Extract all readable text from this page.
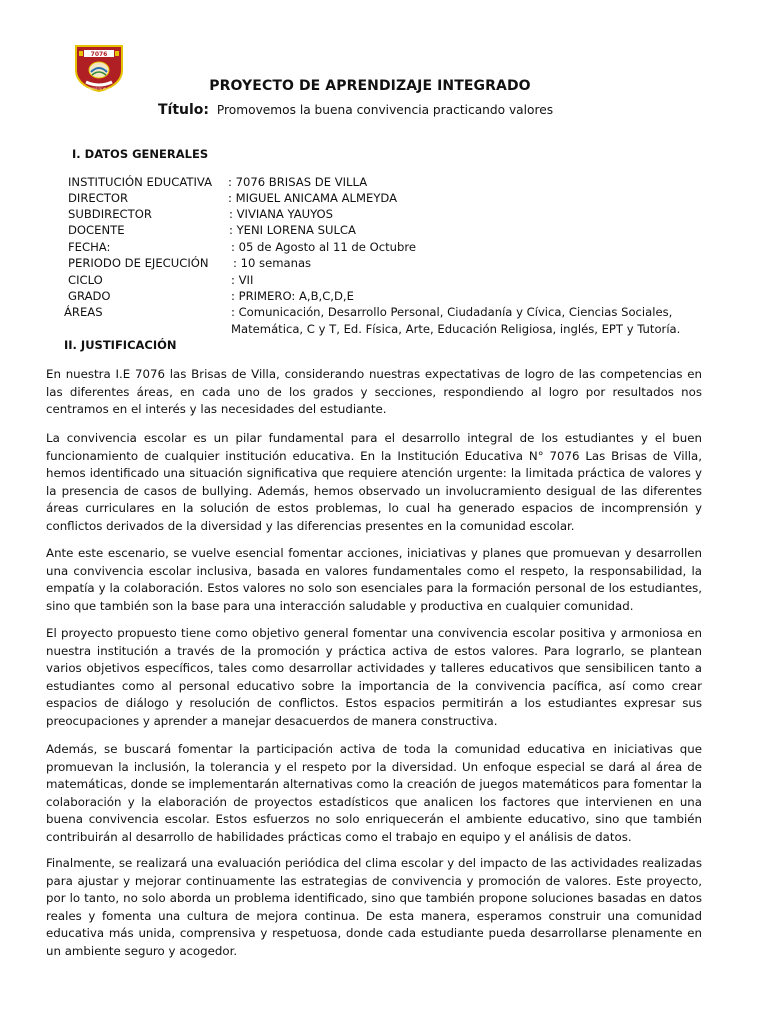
7076
BRISAS DE VILLA	PROYECTO DE APRENDIZAJE INTEGRADO
Título: Promovemos la buena convivencia practicando valores
I. DATOS GENERALES
INSTITUCIÓN EDUCATIVA : 7076 BRISAS DE VILLA
DIRECTOR	: MIGUEL ANICAMA ALMEYDA
SUBDIRECTOR	: VIVIANA YAUYOS
DOCENTE	: YENI LORENA SULCA
FECHA:	: 05 de Agosto al 11 de Octubre
PERIODO DE EJECUCIÓN : 10 semanas
CICLO	: VII
GRADO	: PRIMERO: A,B,C,D,E
ÁREAS	: Comunicación, Desarrollo Personal, Ciudadanía y Cívica, Ciencias Sociales,
Matemática, C y T, Ed. Física, Arte, Educación Religiosa, inglés, EPT y Tutoría.
II. JUSTIFICACIÓN

En nuestra I.E 7076 las Brisas de Villa, considerando nuestras expectativas de logro de las competencias en las diferentes áreas, en cada uno de los grados y secciones, respondiendo al logro por resultados nos centramos en el interés y las necesidades del estudiante.

La convivencia escolar es un pilar fundamental para el desarrollo integral de los estudiantes y el buen funcionamiento de cualquier institución educativa. En la Institución Educativa N° 7076 Las Brisas de Villa, hemos identificado una situación significativa que requiere atención urgente: la limitada práctica de valores y la presencia de casos de bullying. Además, hemos observado un involucramiento desigual de las diferentes áreas curriculares en la solución de estos problemas, lo cual ha generado espacios de incomprensión y conflictos derivados de la diversidad y las diferencias presentes en la comunidad escolar.

Ante este escenario, se vuelve esencial fomentar acciones, iniciativas y planes que promuevan y desarrollen una convivencia escolar inclusiva, basada en valores fundamentales como el respeto, la responsabilidad, la empatía y la colaboración. Estos valores no solo son esenciales para la formación personal de los estudiantes, sino que también son la base para una interacción saludable y productiva en cualquier comunidad.

El proyecto propuesto tiene como objetivo general fomentar una convivencia escolar positiva y armoniosa en nuestra institución a través de la promoción y práctica activa de estos valores. Para lograrlo, se plantean varios objetivos específicos, tales como desarrollar actividades y talleres educativos que sensibilicen tanto a estudiantes como al personal educativo sobre la importancia de la convivencia pacífica, así como crear espacios de diálogo y resolución de conflictos. Estos espacios permitirán a los estudiantes expresar sus preocupaciones y aprender a manejar desacuerdos de manera constructiva.

Además, se buscará fomentar la participación activa de toda la comunidad educativa en iniciativas que promuevan la inclusión, la tolerancia y el respeto por la diversidad. Un enfoque especial se dará al área de matemáticas, donde se implementarán alternativas como la creación de juegos matemáticos para fomentar la colaboración y la elaboración de proyectos estadísticos que analicen los factores que intervienen en una buena convivencia escolar. Estos esfuerzos no solo enriquecerán el ambiente educativo, sino que también contribuirán al desarrollo de habilidades prácticas como el trabajo en equipo y el análisis de datos.

Finalmente, se realizará una evaluación periódica del clima escolar y del impacto de las actividades realizadas para ajustar y mejorar continuamente las estrategias de convivencia y promoción de valores. Este proyecto, por lo tanto, no solo aborda un problema identificado, sino que también propone soluciones basadas en datos reales y fomenta una cultura de mejora continua. De esta manera, esperamos construir una comunidad educativa más unida, comprensiva y respetuosa, donde cada estudiante pueda desarrollarse plenamente en un ambiente seguro y acogedor.
